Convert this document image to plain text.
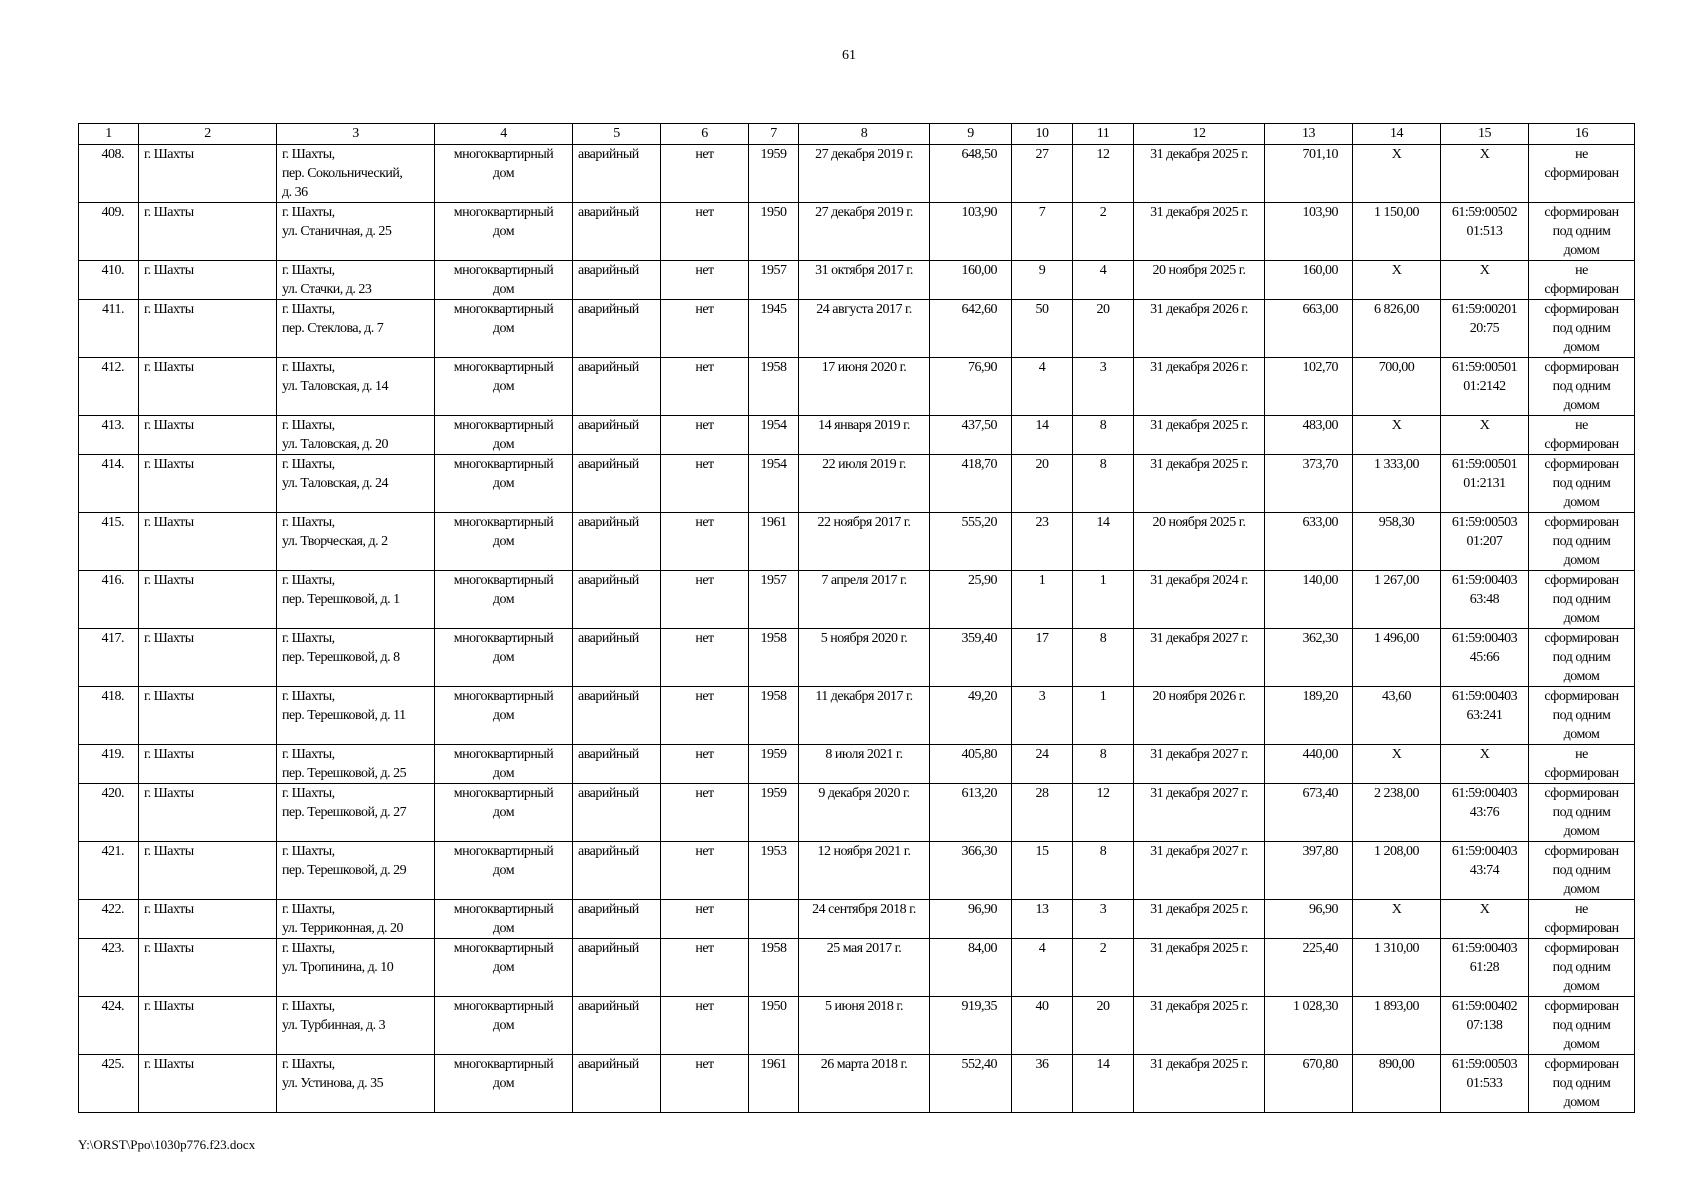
61
1	2	3	4	5	6	7	8	9	10	11	12	13	14	15	16
408.	г. Шахты	г. Шахты,
пер. Сокольнический,
д. 36	многоквартирный
дом	аварийный	нет	1959	27 декабря 2019 г.	648,50	27	12	31 декабря 2025 г.	701,10	Х	Х	не
сформирован

409.	г. Шахты	г. Шахты,
ул. Станичная, д. 25	многоквартирный
дом	аварийный	нет	1950	27 декабря 2019 г.	103,90	7	2	31 декабря 2025 г.	103,90	1 150,00	61:59:00502
01:513	сформирован
под одним
домом

410.	г. Шахты	г. Шахты,
ул. Стачки, д. 23	многоквартирный
дом	аварийный	нет	1957	31 октября 2017 г.	160,00	9	4	20 ноября 2025 г.	160,00	Х	Х	не
сформирован

411.	г. Шахты	г. Шахты,
пер. Стеклова, д. 7	многоквартирный
дом	аварийный	нет	1945	24 августа 2017 г.	642,60	50	20	31 декабря 2026 г.	663,00	6 826,00	61:59:00201
20:75	сформирован
под одним
домом

412.	г. Шахты	г. Шахты,
ул. Таловская, д. 14	многоквартирный
дом	аварийный	нет	1958	17 июня 2020 г.	76,90	4	3	31 декабря 2026 г.	102,70	700,00	61:59:00501
01:2142	сформирован
под одним
домом

413.	г. Шахты	г. Шахты,
ул. Таловская, д. 20	многоквартирный
дом	аварийный	нет	1954	14 января 2019 г.	437,50	14	8	31 декабря 2025 г.	483,00	Х	Х	не
сформирован

414.	г. Шахты	г. Шахты,
ул. Таловская, д. 24	многоквартирный
дом	аварийный	нет	1954	22 июля 2019 г.	418,70	20	8	31 декабря 2025 г.	373,70	1 333,00	61:59:00501
01:2131	сформирован
под одним
домом

415.	г. Шахты	г. Шахты,
ул. Творческая, д. 2	многоквартирный
дом	аварийный	нет	1961	22 ноября 2017 г.	555,20	23	14	20 ноября 2025 г.	633,00	958,30	61:59:00503
01:207	сформирован
под одним
домом

416.	г. Шахты	г. Шахты,
пер. Терешковой, д. 1	многоквартирный
дом	аварийный	нет	1957	7 апреля 2017 г.	25,90	1	1	31 декабря 2024 г.	140,00	1 267,00	61:59:00403
63:48	сформирован
под одним
домом

417.	г. Шахты	г. Шахты,
пер. Терешковой, д. 8	многоквартирный
дом	аварийный	нет	1958	5 ноября 2020 г.	359,40	17	8	31 декабря 2027 г.	362,30	1 496,00	61:59:00403
45:66	сформирован
под одним
домом

418.	г. Шахты	г. Шахты,
пер. Терешковой, д. 11	многоквартирный
дом	аварийный	нет	1958	11 декабря 2017 г.	49,20	3	1	20 ноября 2026 г.	189,20	43,60	61:59:00403
63:241	сформирован
под одним
домом

419.	г. Шахты	г. Шахты,
пер. Терешковой, д. 25	многоквартирный
дом	аварийный	нет	1959	8 июля 2021 г.	405,80	24	8	31 декабря 2027 г.	440,00	Х	Х	не
сформирован

420.	г. Шахты	г. Шахты,
пер. Терешковой, д. 27	многоквартирный
дом	аварийный	нет	1959	9 декабря 2020 г.	613,20	28	12	31 декабря 2027 г.	673,40	2 238,00	61:59:00403
43:76	сформирован
под одним
домом

421.	г. Шахты	г. Шахты,
пер. Терешковой, д. 29	многоквартирный
дом	аварийный	нет	1953	12 ноября 2021 г.	366,30	15	8	31 декабря 2027 г.	397,80	1 208,00	61:59:00403
43:74	сформирован
под одним
домом

422.	г. Шахты	г. Шахты,
ул. Терриконная, д. 20	многоквартирный
дом	аварийный	нет		24 сентября 2018 г.	96,90	13	3	31 декабря 2025 г.	96,90	Х	Х	не
сформирован

423.	г. Шахты	г. Шахты,
ул. Тропинина, д. 10	многоквартирный
дом	аварийный	нет	1958	25 мая 2017 г.	84,00	4	2	31 декабря 2025 г.	225,40	1 310,00	61:59:00403
61:28	сформирован
под одним
домом

424.	г. Шахты	г. Шахты,
ул. Турбинная, д. 3	многоквартирный
дом	аварийный	нет	1950	5 июня 2018 г.	919,35	40	20	31 декабря 2025 г.	1 028,30	1 893,00	61:59:00402
07:138	сформирован
под одним
домом

425.	г. Шахты	г. Шахты,
ул. Устинова, д. 35	многоквартирный
дом	аварийный	нет	1961	26 марта 2018 г.	552,40	36	14	31 декабря 2025 г.	670,80	890,00	61:59:00503
01:533	сформирован
под одним
домом
Y:\ORST\Ppo\1030p776.f23.docx
